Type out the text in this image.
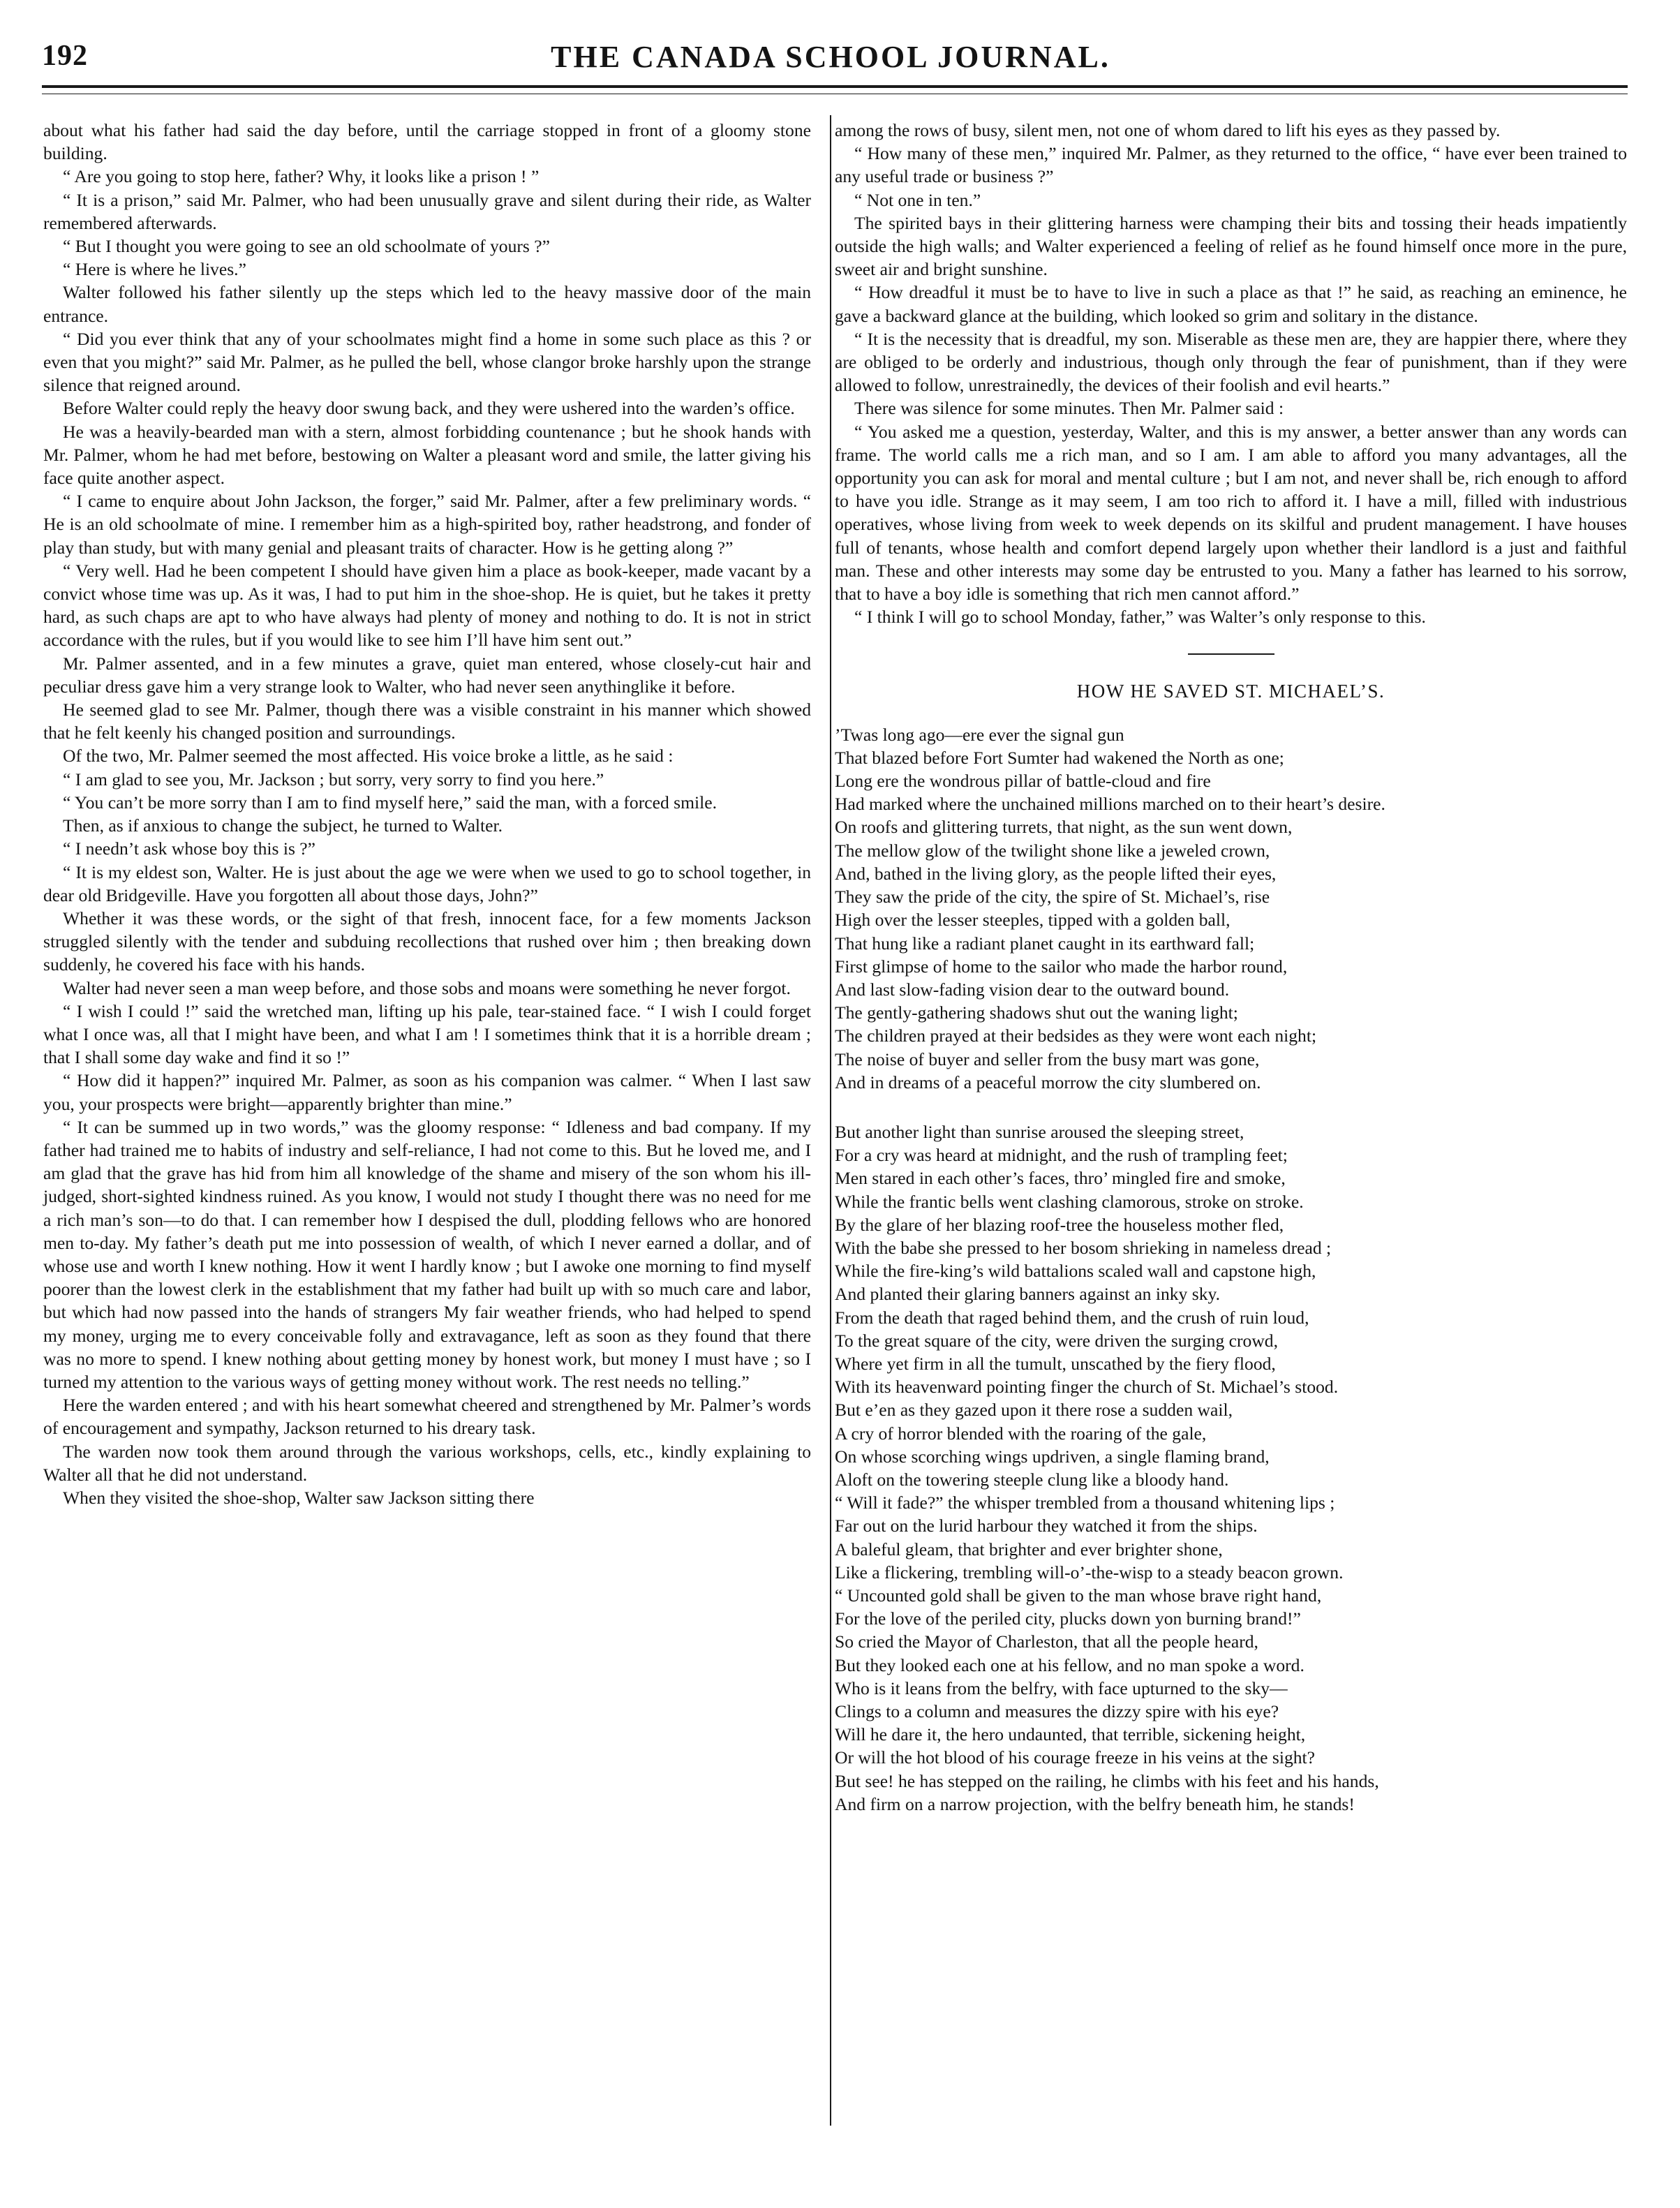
192	THE CANADA SCHOOL JOURNAL.

about what his father had said the day before, until the carriage stopped in front of a gloomy stone building.

“ Are you going to stop here, father? Why, it looks like a prison ! ”

“ It is a prison,” said Mr. Palmer, who had been unusually grave and silent during their ride, as Walter remembered afterwards.

“ But I thought you were going to see an old schoolmate of yours ?”

“ Here is where he lives.”

Walter followed his father silently up the steps which led to the heavy massive door of the main entrance.

“ Did you ever think that any of your schoolmates might find a home in some such place as this ? or even that you might?” said Mr. Palmer, as he pulled the bell, whose clangor broke harshly upon the strange silence that reigned around.

Before Walter could reply the heavy door swung back, and they were ushered into the warden’s office.

He was a heavily-bearded man with a stern, almost forbidding countenance ; but he shook hands with Mr. Palmer, whom he had met before, bestowing on Walter a pleasant word and smile, the latter giving his face quite another aspect.

“ I came to enquire about John Jackson, the forger,” said Mr. Palmer, after a few preliminary words. “ He is an old schoolmate of mine. I remember him as a high-spirited boy, rather headstrong, and fonder of play than study, but with many genial and pleasant traits of character. How is he getting along ?”

“ Very well. Had he been competent I should have given him a place as book-keeper, made vacant by a convict whose time was up. As it was, I had to put him in the shoe-shop. He is quiet, but he takes it pretty hard, as such chaps are apt to who have always had plenty of money and nothing to do. It is not in strict accordance with the rules, but if you would like to see him I’ll have him sent out.”

Mr. Palmer assented, and in a few minutes a grave, quiet man entered, whose closely-cut hair and peculiar dress gave him a very strange look to Walter, who had never seen anythinglike it before.

He seemed glad to see Mr. Palmer, though there was a visible constraint in his manner which showed that he felt keenly his changed position and surroundings.

Of the two, Mr. Palmer seemed the most affected. His voice broke a little, as he said :

“ I am glad to see you, Mr. Jackson ; but sorry, very sorry to find you here.”

“ You can’t be more sorry than I am to find myself here,” said the man, with a forced smile.

Then, as if anxious to change the subject, he turned to Walter.

“ I needn’t ask whose boy this is ?”

“ It is my eldest son, Walter. He is just about the age we were when we used to go to school together, in dear old Bridgeville. Have you forgotten all about those days, John?”

Whether it was these words, or the sight of that fresh, innocent face, for a few moments Jackson struggled silently with the tender and subduing recollections that rushed over him ; then breaking down suddenly, he covered his face with his hands.

Walter had never seen a man weep before, and those sobs and moans were something he never forgot.

“ I wish I could !” said the wretched man, lifting up his pale, tear-stained face. “ I wish I could forget what I once was, all that I might have been, and what I am ! I sometimes think that it is a horrible dream ; that I shall some day wake and find it so !”

“ How did it happen?” inquired Mr. Palmer, as soon as his companion was calmer. “ When I last saw you, your prospects were bright—apparently brighter than mine.”

“ It can be summed up in two words,” was the gloomy response: “ Idleness and bad company. If my father had trained me to habits of industry and self-reliance, I had not come to this. But he loved me, and I am glad that the grave has hid from him all knowledge of the shame and misery of the son whom his ill-judged, short-sighted kindness ruined. As you know, I would not study I thought there was no need for me a rich man’s son—to do that. I can remember how I despised the dull, plodding fellows who are honored men to-day. My father’s death put me into possession of wealth, of which I never earned a dollar, and of whose use and worth I knew nothing. How it went I hardly know ; but I awoke one morning to find myself poorer than the lowest clerk in the establishment that my father had built up with so much care and labor, but which had now passed into the hands of strangers My fair weather friends, who had helped to spend my money, urging me to every conceivable folly and extravagance, left as soon as they found that there was no more to spend. I knew nothing about getting money by honest work, but money I must have ; so I turned my attention to the various ways of getting money without work. The rest needs no telling.”

Here the warden entered ; and with his heart somewhat cheered and strengthened by Mr. Palmer’s words of encouragement and sympathy, Jackson returned to his dreary task.

The warden now took them around through the various workshops, cells, etc., kindly explaining to Walter all that he did not understand.

When they visited the shoe-shop, Walter saw Jackson sitting there

among the rows of busy, silent men, not one of whom dared to lift his eyes as they passed by.

“ How many of these men,” inquired Mr. Palmer, as they returned to the office, “ have ever been trained to any useful trade or business ?”

“ Not one in ten.”

The spirited bays in their glittering harness were champing their bits and tossing their heads impatiently outside the high walls; and Walter experienced a feeling of relief as he found himself once more in the pure, sweet air and bright sunshine.

“ How dreadful it must be to have to live in such a place as that !” he said, as reaching an eminence, he gave a backward glance at the building, which looked so grim and solitary in the distance.

“ It is the necessity that is dreadful, my son. Miserable as these men are, they are happier there, where they are obliged to be orderly and industrious, though only through the fear of punishment, than if they were allowed to follow, unrestrainedly, the devices of their foolish and evil hearts.”

There was silence for some minutes. Then Mr. Palmer said :

“ You asked me a question, yesterday, Walter, and this is my answer, a better answer than any words can frame. The world calls me a rich man, and so I am. I am able to afford you many advantages, all the opportunity you can ask for moral and mental culture ; but I am not, and never shall be, rich enough to afford to have you idle. Strange as it may seem, I am too rich to afford it. I have a mill, filled with industrious operatives, whose living from week to week depends on its skilful and prudent management. I have houses full of tenants, whose health and comfort depend largely upon whether their landlord is a just and faithful man. These and other interests may some day be entrusted to you. Many a father has learned to his sorrow, that to have a boy idle is something that rich men cannot afford.”

“ I think I will go to school Monday, father,” was Walter’s only response to this.

HOW HE SAVED ST. MICHAEL’S.
’Twas long ago—ere ever the signal gun
That blazed before Fort Sumter had wakened the North as one;
Long ere the wondrous pillar of battle-cloud and fire
Had marked where the unchained millions marched on to their heart’s desire.
On roofs and glittering turrets, that night, as the sun went down,
The mellow glow of the twilight shone like a jeweled crown,
And, bathed in the living glory, as the people lifted their eyes,
They saw the pride of the city, the spire of St. Michael’s, rise
High over the lesser steeples, tipped with a golden ball,
That hung like a radiant planet caught in its earthward fall;
First glimpse of home to the sailor who made the harbor round,
And last slow-fading vision dear to the outward bound.
The gently-gathering shadows shut out the waning light;
The children prayed at their bedsides as they were wont each night;
The noise of buyer and seller from the busy mart was gone,
And in dreams of a peaceful morrow the city slumbered on.
But another light than sunrise aroused the sleeping street,
For a cry was heard at midnight, and the rush of trampling feet;
Men stared in each other’s faces, thro’ mingled fire and smoke,
While the frantic bells went clashing clamorous, stroke on stroke.
By the glare of her blazing roof-tree the houseless mother fled,
With the babe she pressed to her bosom shrieking in nameless dread ;
While the fire-king’s wild battalions scaled wall and capstone high,
And planted their glaring banners against an inky sky.
From the death that raged behind them, and the crush of ruin loud,
To the great square of the city, were driven the surging crowd,
Where yet firm in all the tumult, unscathed by the fiery flood,
With its heavenward pointing finger the church of St. Michael’s stood.
But e’en as they gazed upon it there rose a sudden wail,
A cry of horror blended with the roaring of the gale,
On whose scorching wings updriven, a single flaming brand,
Aloft on the towering steeple clung like a bloody hand.
“ Will it fade?” the whisper trembled from a thousand whitening lips ;
Far out on the lurid harbour they watched it from the ships.
A baleful gleam, that brighter and ever brighter shone,
Like a flickering, trembling will-o’-the-wisp to a steady beacon grown.
“ Uncounted gold shall be given to the man whose brave right hand,
For the love of the periled city, plucks down yon burning brand!”
So cried the Mayor of Charleston, that all the people heard,
But they looked each one at his fellow, and no man spoke a word.
Who is it leans from the belfry, with face upturned to the sky—
Clings to a column and measures the dizzy spire with his eye?
Will he dare it, the hero undaunted, that terrible, sickening height,
Or will the hot blood of his courage freeze in his veins at the sight?
But see! he has stepped on the railing, he climbs with his feet and his hands,
And firm on a narrow projection, with the belfry beneath him, he stands!
